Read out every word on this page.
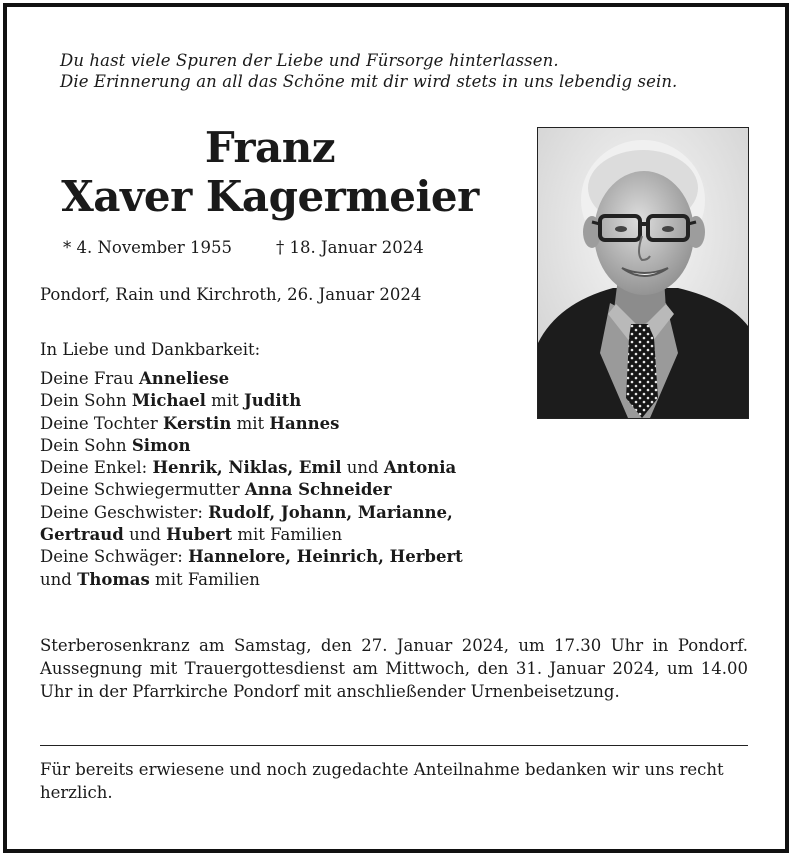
Du hast viele Spuren der Liebe und Fürsorge hinterlassen.
Die Erinnerung an all das Schöne mit dir wird stets in uns lebendig sein.
Franz
Xaver Kagermeier
* 4. November 1955	† 18. Januar 2024
Pondorf, Rain und Kirchroth, 26. Januar 2024
In Liebe und Dankbarkeit:
Deine Frau Anneliese
Dein Sohn Michael mit Judith
Deine Tochter Kerstin mit Hannes
Dein Sohn Simon
Deine Enkel: Henrik, Niklas, Emil und Antonia
Deine Schwiegermutter Anna Schneider
Deine Geschwister: Rudolf, Johann, Marianne,
Gertraud und Hubert mit Familien
Deine Schwäger: Hannelore, Heinrich, Herbert
und Thomas mit Familien
Sterberosenkranz am Samstag, den 27. Januar 2024, um 17.30 Uhr in Pondorf. Aussegnung mit Trauergottesdienst am Mittwoch, den 31. Januar 2024, um 14.00 Uhr in der Pfarrkirche Pondorf mit anschließender Urnenbeisetzung.
Für bereits erwiesene und noch zugedachte Anteilnahme bedanken wir uns recht herzlich.
